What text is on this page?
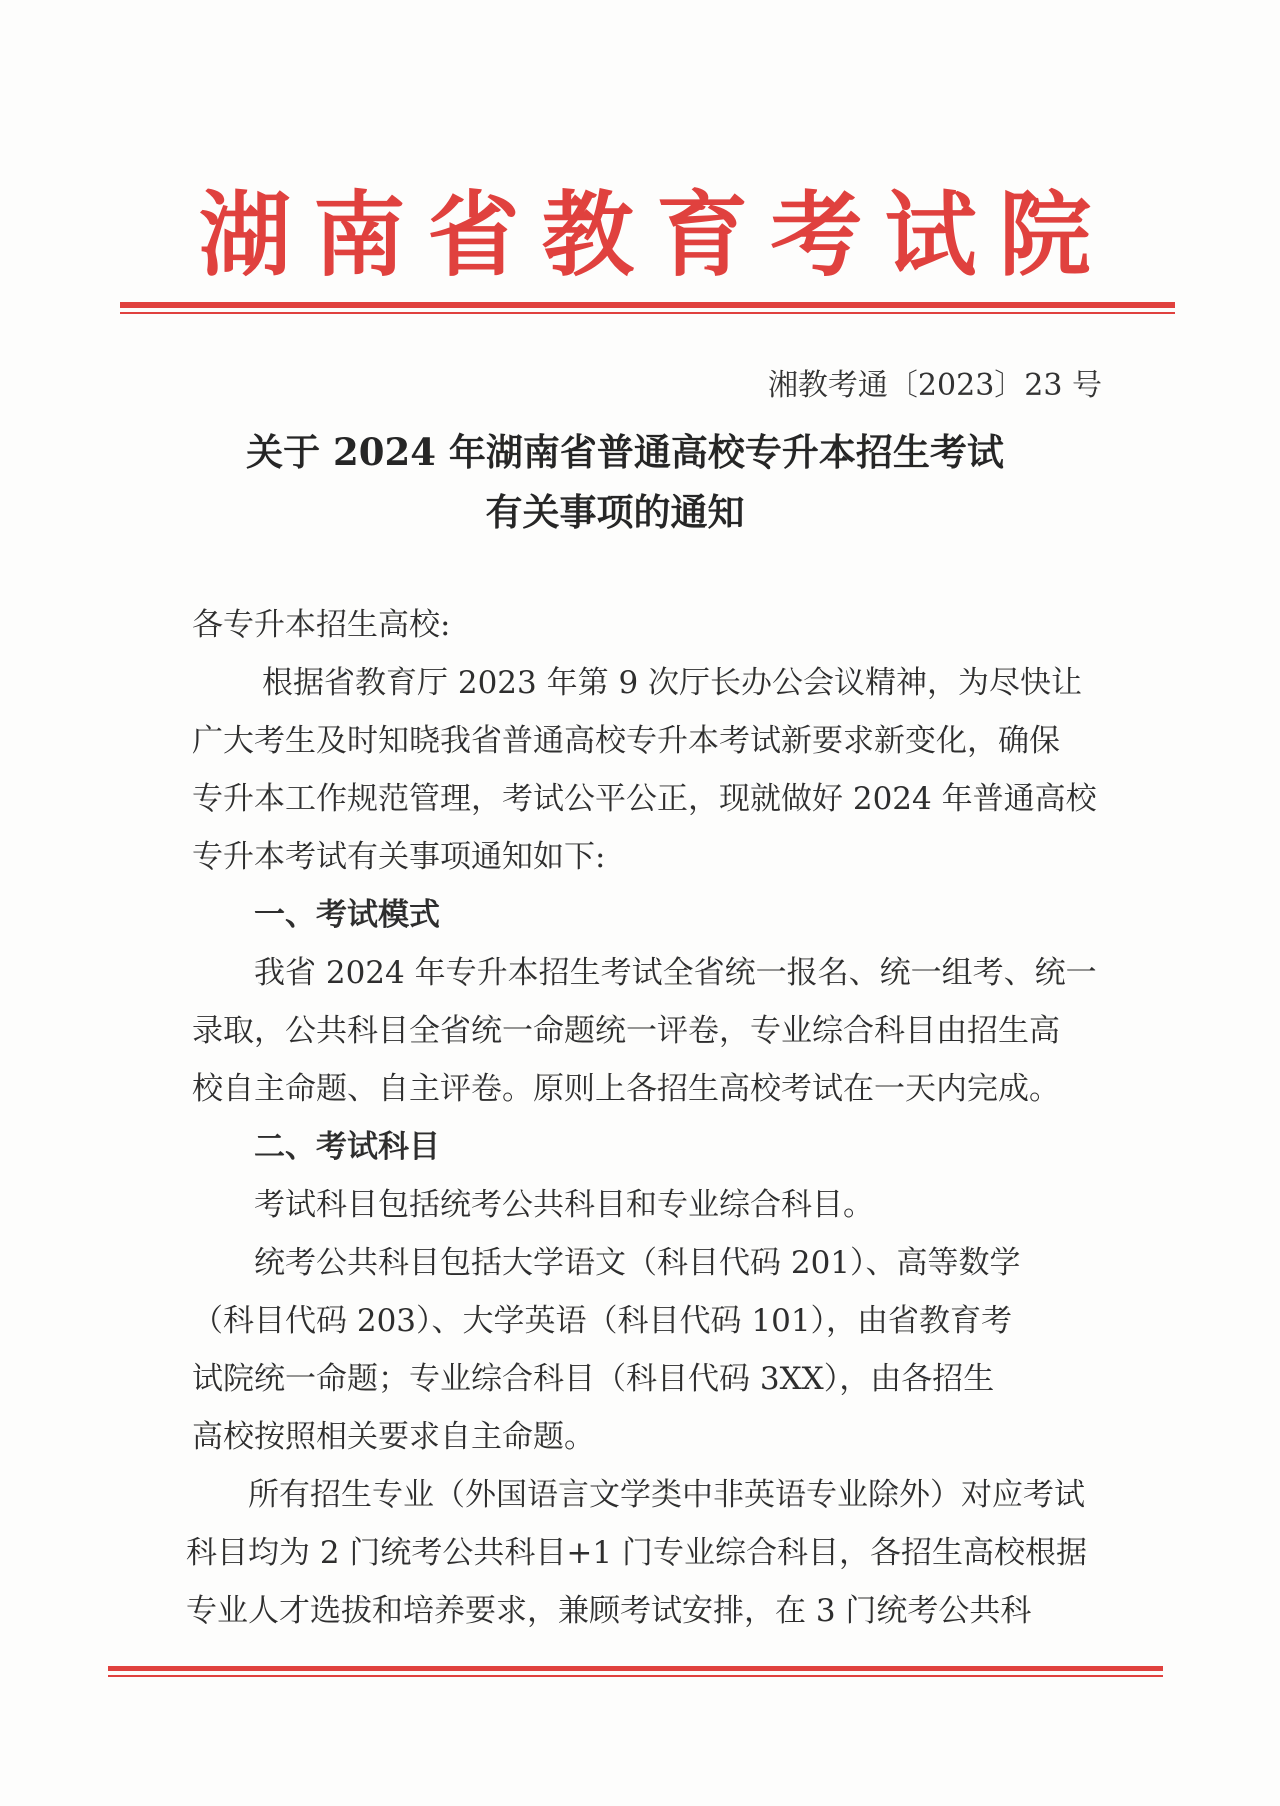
湖 南 省 教 育 考 试 院
湘教考通〔2023〕23 号
关于 2024 年湖南省普通高校专升本招生考试
有关事项的通知
各专升本招生高校:

根据省教育厅 2023 年第 9 次厅长办公会议精神，为尽快让

广大考生及时知晓我省普通高校专升本考试新要求新变化，确保

专升本工作规范管理，考试公平公正，现就做好 2024 年普通高校

专升本考试有关事项通知如下:

一、考试模式

我省 2024 年专升本招生考试全省统一报名、统一组考、统一

录取，公共科目全省统一命题统一评卷，专业综合科目由招生高

校自主命题、自主评卷。原则上各招生高校考试在一天内完成。

二、考试科目
考试科目包括统考公共科目和专业综合科目。

统考公共科目包括大学语文（科目代码 201）、高等数学

（科目代码 203）、大学英语（科目代码 101），由省教育考

试院统一命题；专业综合科目（科目代码 3XX），由各招生

高校按照相关要求自主命题。

所有招生专业（外国语言文学类中非英语专业除外）对应考试

科目均为 2 门统考公共科目+1 门专业综合科目，各招生高校根据

专业人才选拔和培养要求，兼顾考试安排，在 3 门统考公共科
